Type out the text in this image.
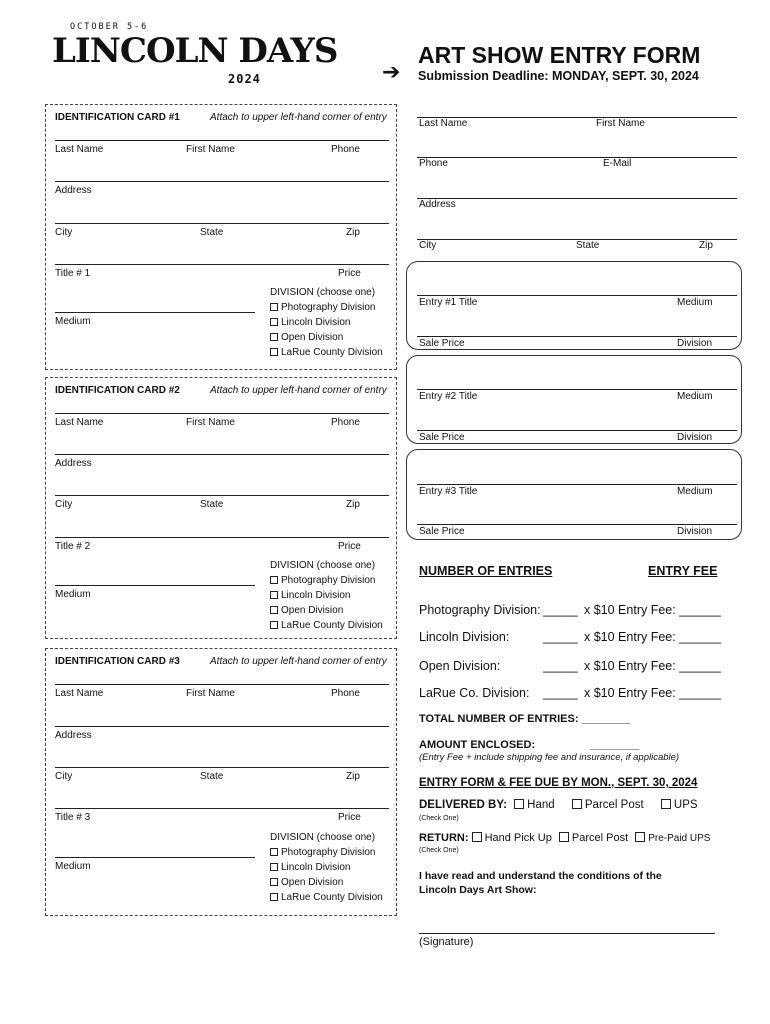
OCTOBER 5-6
LINCOLN DAYS
2024	➔
ART SHOW ENTRY FORM
Submission Deadline: MONDAY, SEPT. 30, 2024
IDENTIFICATION CARD #1	Attach to upper left-hand corner of entry
Last Name	First Name	Phone
Address
City	State	Zip
Title # 1	Price
Medium
DIVISION (choose one)
Photography Division
Lincoln Division
Open Division
LaRue County Division
IDENTIFICATION CARD #2	Attach to upper left-hand corner of entry
Last Name	First Name	Phone
Address
City	State	Zip
Title # 2	Price
Medium
DIVISION (choose one)
Photography Division
Lincoln Division
Open Division
LaRue County Division
IDENTIFICATION CARD #3	Attach to upper left-hand corner of entry
Last Name	First Name	Phone
Address
City	State	Zip
Title # 3	Price
Medium
DIVISION (choose one)
Photography Division
Lincoln Division
Open Division
LaRue County Division
Last Name	First Name
Phone	E-Mail
Address
City	State	Zip
Entry #1 Title	Medium
Sale Price	Division
Entry #2 Title	Medium
Sale Price	Division
Entry #3 Title	Medium
Sale Price	Division
NUMBER OF ENTRIES	ENTRY FEE
Photography Division: _____ x $10 Entry Fee: ______
Lincoln Division:	_____ x $10 Entry Fee: ______
Open Division:	_____ x $10 Entry Fee: ______
LaRue Co. Division: _____ x $10 Entry Fee: ______
TOTAL NUMBER OF ENTRIES: ________
AMOUNT ENCLOSED:	________
(Entry Fee + include shipping fee and insurance, if applicable)
ENTRY FORM & FEE DUE BY MON., SEPT. 30, 2024
DELIVERED BY: Hand	Parcel Post	UPS
(Check One)
RETURN: Hand Pick Up Parcel Post Pre-Paid UPS
(Check One)
I have read and understand the conditions of the
Lincoln Days Art Show:
(Signature)
